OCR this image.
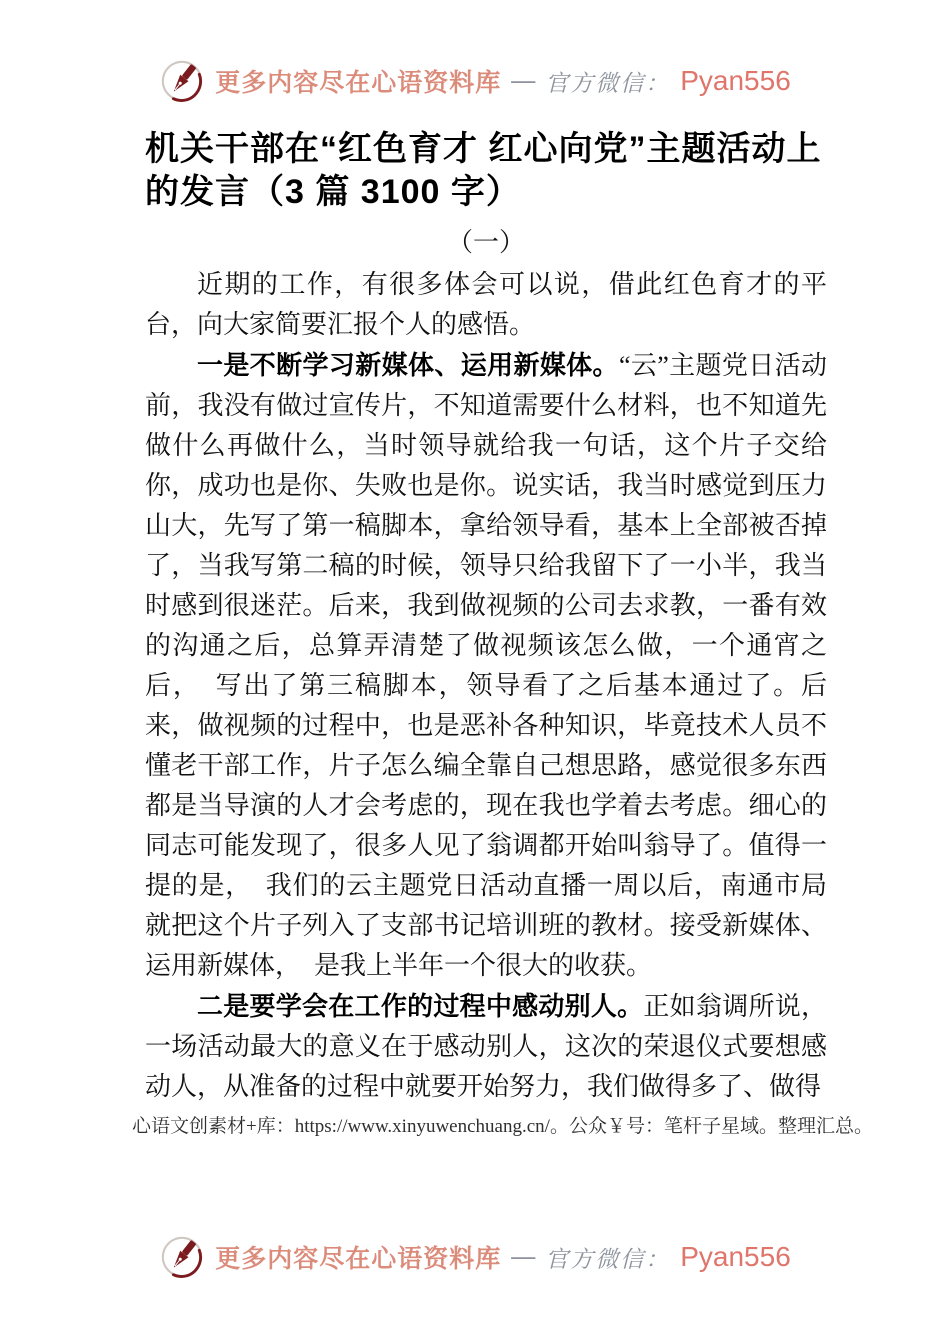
更多内容尽在心语资料库 — 官方微信： Pyan556
机关干部在“红色育才 红心向党”主题活动上的发言（3 篇 3100 字）
（一）

近期的工作，有很多体会可以说，借此红色育才的平台，向大家简要汇报个人的感悟。

一是不断学习新媒体、运用新媒体。“云”主题党日活动前，我没有做过宣传片，不知道需要什么材料，也不知道先做什么再做什么，当时领导就给我一句话，这个片子交给你，成功也是你、失败也是你。说实话，我当时感觉到压力山大，先写了第一稿脚本，拿给领导看，基本上全部被否掉了，当我写第二稿的时候，领导只给我留下了一小半，我当时感到很迷茫。后来，我到做视频的公司去求教，一番有效的沟通之后，总算弄清楚了做视频该怎么做，一个通宵之后，　写出了第三稿脚本，领导看了之后基本通过了。后来，做视频的过程中，也是恶补各种知识，毕竟技术人员不懂老干部工作，片子怎么编全靠自己想思路，感觉很多东西都是当导演的人才会考虑的，现在我也学着去考虑。细心的同志可能发现了，很多人见了翁调都开始叫翁导了。值得一提的是，　我们的云主题党日活动直播一周以后，南通市局就把这个片子列入了支部书记培训班的教材。接受新媒体、运用新媒体，　是我上半年一个很大的收获。

二是要学会在工作的过程中感动别人。正如翁调所说，一场活动最大的意义在于感动别人，这次的荣退仪式要想感动人，从准备的过程中就要开始努力，我们做得多了、做得

心语文创素材+库：https://www.xinyuwenchuang.cn/。公众￥号：笔杆子星域。整理汇总。
更多内容尽在心语资料库 — 官方微信： Pyan556
